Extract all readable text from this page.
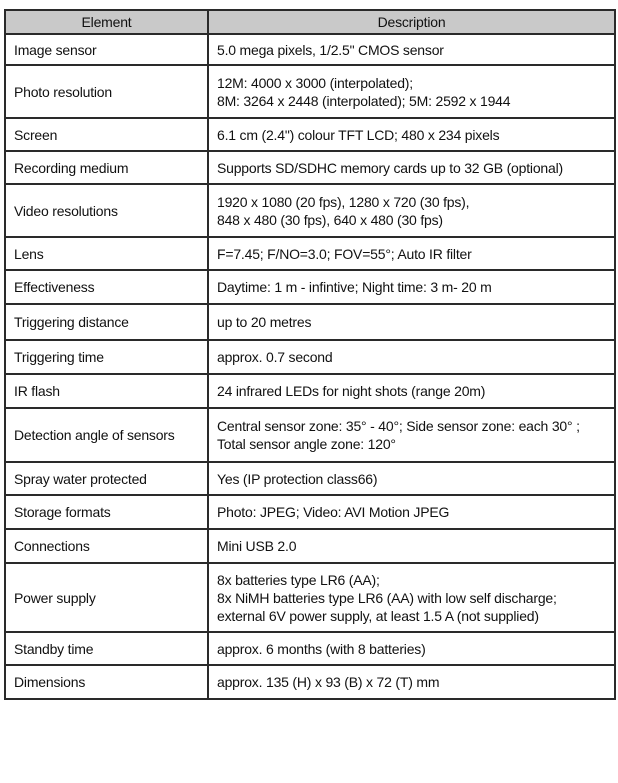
Element	Description
Image sensor	5.0 mega pixels, 1/2.5" CMOS sensor

Photo resolution	12M: 4000 x 3000 (interpolated);
8M: 3264 x 2448 (interpolated); 5M: 2592 x 1944

Screen	6.1 cm (2.4") colour TFT LCD; 480 x 234 pixels

Recording medium	Supports SD/SDHC memory cards up to 32 GB (optional)

Video resolutions	1920 x 1080 (20 fps), 1280 x 720 (30 fps),
848 x 480 (30 fps), 640 x 480 (30 fps)

Lens	F=7.45; F/NO=3.0; FOV=55°; Auto IR filter

Effectiveness	Daytime: 1 m - infintive; Night time: 3 m- 20 m

Triggering distance	up to 20 metres

Triggering time	approx. 0.7 second

IR flash	24 infrared LEDs for night shots (range 20m)

Detection angle of sensors	Central sensor zone: 35° - 40°; Side sensor zone: each 30° ;
Total sensor angle zone: 120°

Spray water protected	Yes (IP protection class66)

Storage formats	Photo: JPEG; Video: AVI Motion JPEG

Connections	Mini USB 2.0

Power supply	8x batteries type LR6 (AA);
8x NiMH batteries type LR6 (AA) with low self discharge;
external 6V power supply, at least 1.5 A (not supplied)

Standby time	approx. 6 months (with 8 batteries)

Dimensions	approx. 135 (H) x 93 (B) x 72 (T) mm
